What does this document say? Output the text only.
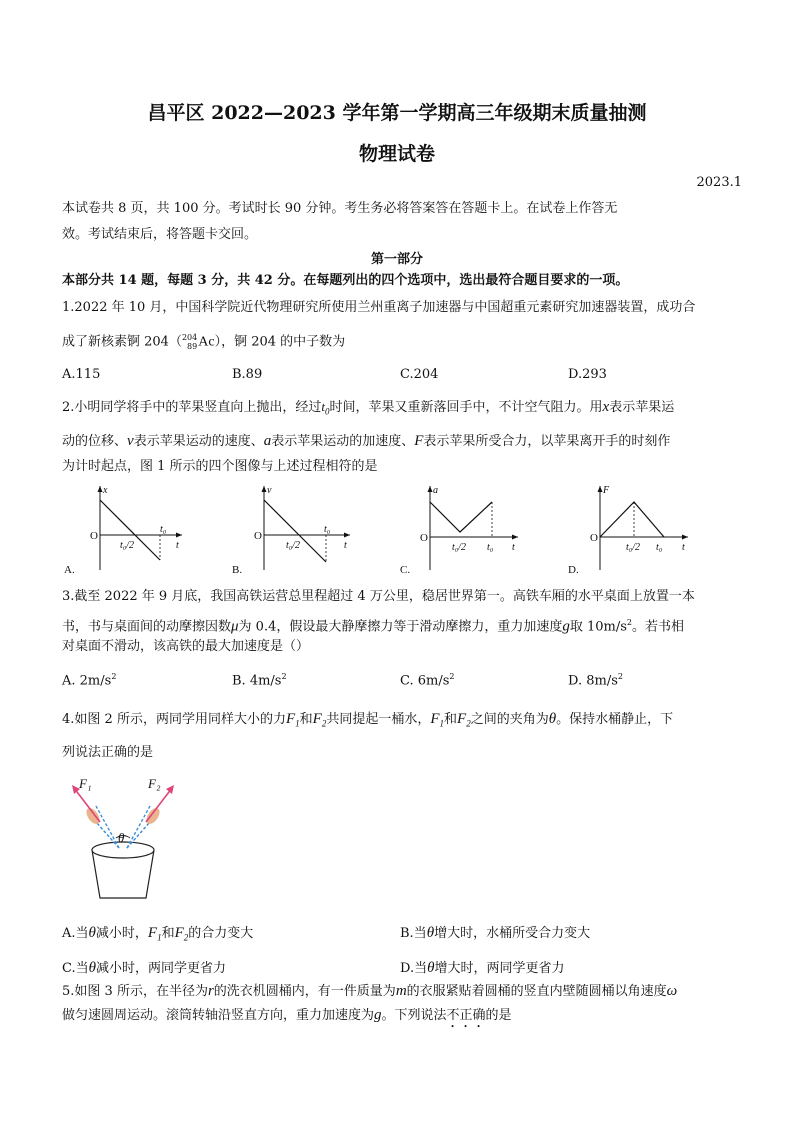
昌平区 2022—2023 学年第一学期高三年级期末质量抽测
物理试卷
2023.1
本试卷共 8 页，共 100 分。考试时长 90 分钟。考生务必将答案答在答题卡上。在试卷上作答无
效。考试结束后，将答题卡交回。
第一部分
本部分共 14 题，每题 3 分，共 42 分。在每题列出的四个选项中，选出最符合题目要求的一项。
1.2022 年 10 月，中国科学院近代物理研究所使用兰州重离子加速器与中国超重元素研究加速器装置，成功合
成了新核素锕 204（204
89Ac），锕 204 的中子数为
A.115	B.89	C.204	D.293
2.小明同学将手中的苹果竖直向上抛出，经过$t_0$时间，苹果又重新落回手中，不计空气阻力。用x表示苹果运
动的位移、v表示苹果运动的速度、a表示苹果运动的加速度、F表示苹果所受合力，以苹果离开手的时刻作
为计时起点，图 1 所示的四个图像与上述过程相符的是
x
O
t₀/2
t₀
t
A.
v
O
t₀/2
t₀
t
B.
a
O
t₀/2 t₀ t
C.
F
O
t₀/2 t₀ t
D.
3.截至 2022 年 9 月底，我国高铁运营总里程超过 4 万公里，稳居世界第一。高铁车厢的水平桌面上放置一本
书，书与桌面间的动摩擦因数μ为 0.4，假设最大静摩擦力等于滑动摩擦力，重力加速度g取 $10m/s^2$。若书相
对桌面不滑动，该高铁的最大加速度是（）
A. $2m/s^2$	B. $4m/s^2$	C. $6m/s^2$	D. $8m/s^2$
4.如图 2 所示，两同学用同样大小的力$F_1$和$F_2$共同提起一桶水，$F_1$和$F_2$之间的夹角为θ。保持水桶静止，下
列说法正确的是
F₁	F₂
θ
A.当θ减小时，$F_1$和$F_2$的合力变大	B.当θ增大时，水桶所受合力变大
C.当θ减小时，两同学更省力	D.当θ增大时，两同学更省力
5.如图 3 所示，在半径为r的洗衣机圆桶内，有一件质量为m的衣服紧贴着圆桶的竖直内壁随圆桶以角速度ω
做匀速圆周运动。滚筒转轴沿竖直方向，重力加速度为g。下列说法不正确的是
